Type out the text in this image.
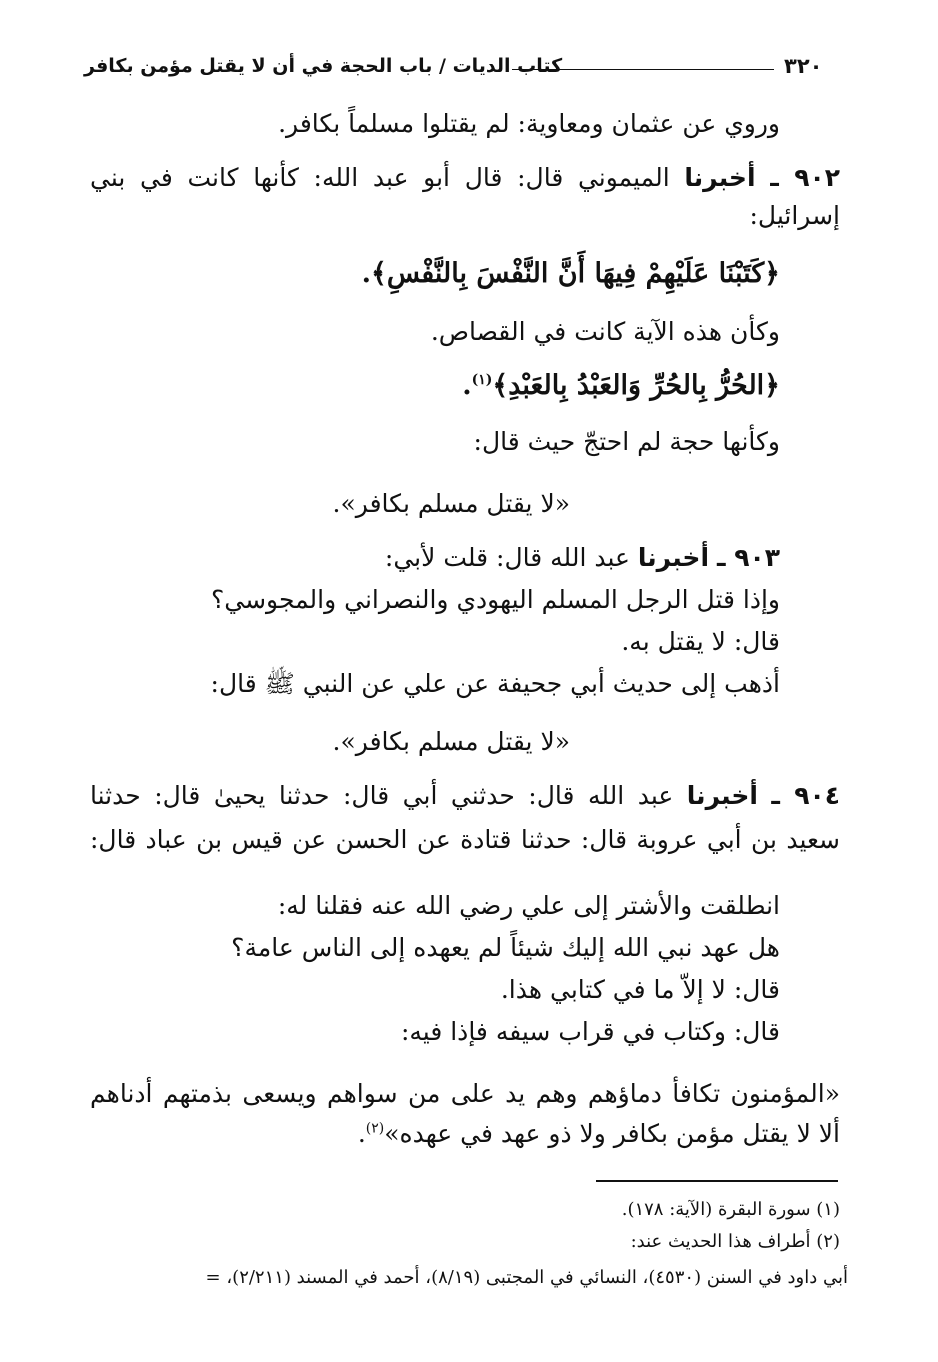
٣٢٠
كتاب الديات / باب الحجة في أن لا يقتل مؤمن بكافر
وروي عن عثمان ومعاوية: لم يقتلوا مسلماً بكافر.
٩٠٢ ـ أخبرنا الميموني قال: قال أبو عبد الله: كأنها كانت في بني
إسرائيل:
﴿كَتَبْنَا عَلَيْهِمْ فِيهَا أَنَّ النَّفْسَ بِالنَّفْسِ﴾.
وكأن هذه الآية كانت في القصاص.
﴿الحُرُّ بِالحُرِّ وَالعَبْدُ بِالعَبْدِ﴾$^{(١)}$.
وكأنها حجة لم احتجّ حيث قال:
«لا يقتل مسلم بكافر».
٩٠٣ ـ أخبرنا عبد الله قال: قلت لأبي:
وإذا قتل الرجل المسلم اليهودي والنصراني والمجوسي؟
قال: لا يقتل به.
أذهب إلى حديث أبي جحيفة عن علي عن النبي ﷺ قال:
«لا يقتل مسلم بكافر».
٩٠٤ ـ أخبرنا عبد الله قال: حدثني أبي قال: حدثنا يحيىٰ قال: حدثنا
سعيد بن أبي عروبة قال: حدثنا قتادة عن الحسن عن قيس بن عباد قال:
انطلقت والأشتر إلى علي رضي الله عنه فقلنا له:
هل عهد نبي الله إليك شيئاً لم يعهده إلى الناس عامة؟
قال: لا إلاّ ما في كتابي هذا.
قال: وكتاب في قراب سيفه فإذا فيه:
«المؤمنون تكافأ دماؤهم وهم يد على من سواهم ويسعى بذمتهم أدناهم
ألا لا يقتل مؤمن بكافر ولا ذو عهد في عهده»$^{(٢)}$.
(١) سورة البقرة (الآية: ١٧٨).
(٢) أطراف هذا الحديث عند:
أبي داود في السنن (٤٥٣٠)، النسائي في المجتبى (٨/١٩)، أحمد في المسند (٢/٢١١)، =
